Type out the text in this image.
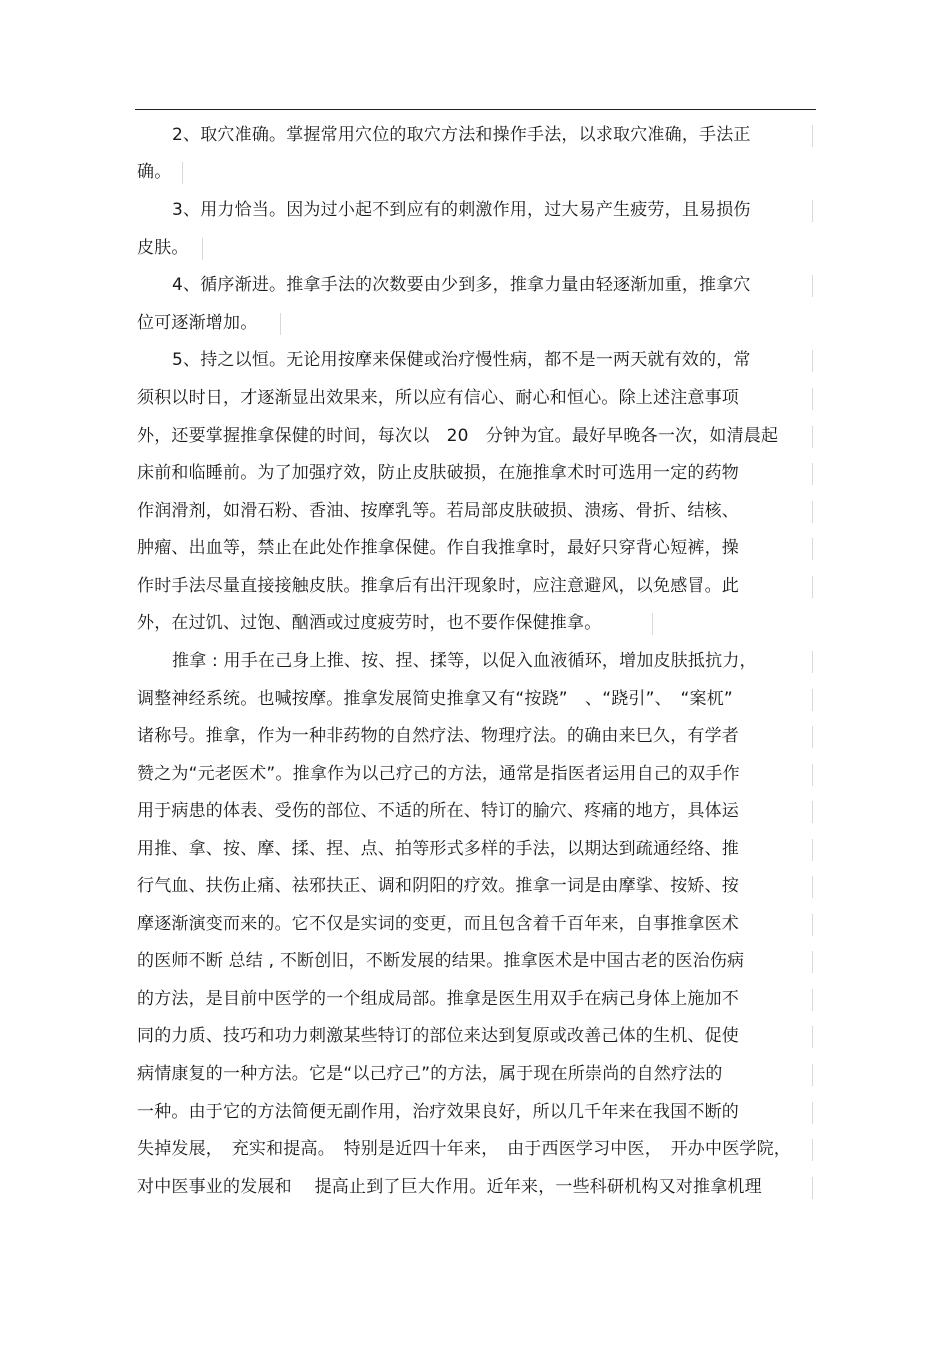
2、取穴准确。掌握常用穴位的取穴方法和操作手法，以求取穴准确，手法正
确。
3、用力恰当。因为过小起不到应有的刺激作用，过大易产生疲劳，且易损伤
皮肤。
4、循序渐进。推拿手法的次数要由少到多，推拿力量由轻逐渐加重，推拿穴
位可逐渐增加。
5、持之以恒。无论用按摩来保健或治疗慢性病，都不是一两天就有效的，常
须积以时日，才逐渐显出效果来，所以应有信心、耐心和恒心。除上述注意事项
外，还要掌握推拿保健的时间，每次以　20　分钟为宜。最好早晚各一次，如清晨起
床前和临睡前。为了加强疗效，防止皮肤破损，在施推拿术时可选用一定的药物
作润滑剂，如滑石粉、香油、按摩乳等。若局部皮肤破损、溃疡、骨折、结核、
肿瘤、出血等，禁止在此处作推拿保健。作自我推拿时，最好只穿背心短裤，操
作时手法尽量直接接触皮肤。推拿后有出汗现象时，应注意避风，以免感冒。此
外，在过饥、过饱、酗酒或过度疲劳时，也不要作保健推拿。
推拿 : 用手在己身上推、按、捏、揉等，以促入血液循环，增加皮肤抵抗力，
调整神经系统。也喊按摩。推拿发展简史推拿又有“按跷”　、“跷引”、　“案杌”
诸称号。推拿，作为一种非药物的自然疗法、物理疗法。的确由来巳久，有学者
赞之为“元老医术”。推拿作为以己疗己的方法，通常是指医者运用自己的双手作
用于病患的体表、受伤的部位、不适的所在、特订的腧穴、疼痛的地方，具体运
用推、拿、按、摩、揉、捏、点、拍等形式多样的手法，以期达到疏通经络、推
行气血、扶伤止痛、祛邪扶正、调和阴阳的疗效。推拿一词是由摩挲、按矫、按
摩逐渐演变而来的。它不仅是实词的变更，而且包含着千百年来，自事推拿医术
的医师不断 总结 , 不断创旧，不断发展的结果。推拿医术是中国古老的医治伤病
的方法，是目前中医学的一个组成局部。推拿是医生用双手在病己身体上施加不
同的力质、技巧和功力刺激某些特订的部位来达到复原或改善己体的生机、促使
病情康复的一种方法。它是“以己疗己”的方法，属于现在所崇尚的自然疗法的
一种。由于它的方法简便无副作用，治疗效果良好，所以几千年来在我国不断的
失掉发展，　充实和提高。　特别是近四十年来，　由于西医学习中医，　开办中医学院，
对中医事业的发展和　 提高止到了巨大作用。近年来，一些科研机构又对推拿机理
